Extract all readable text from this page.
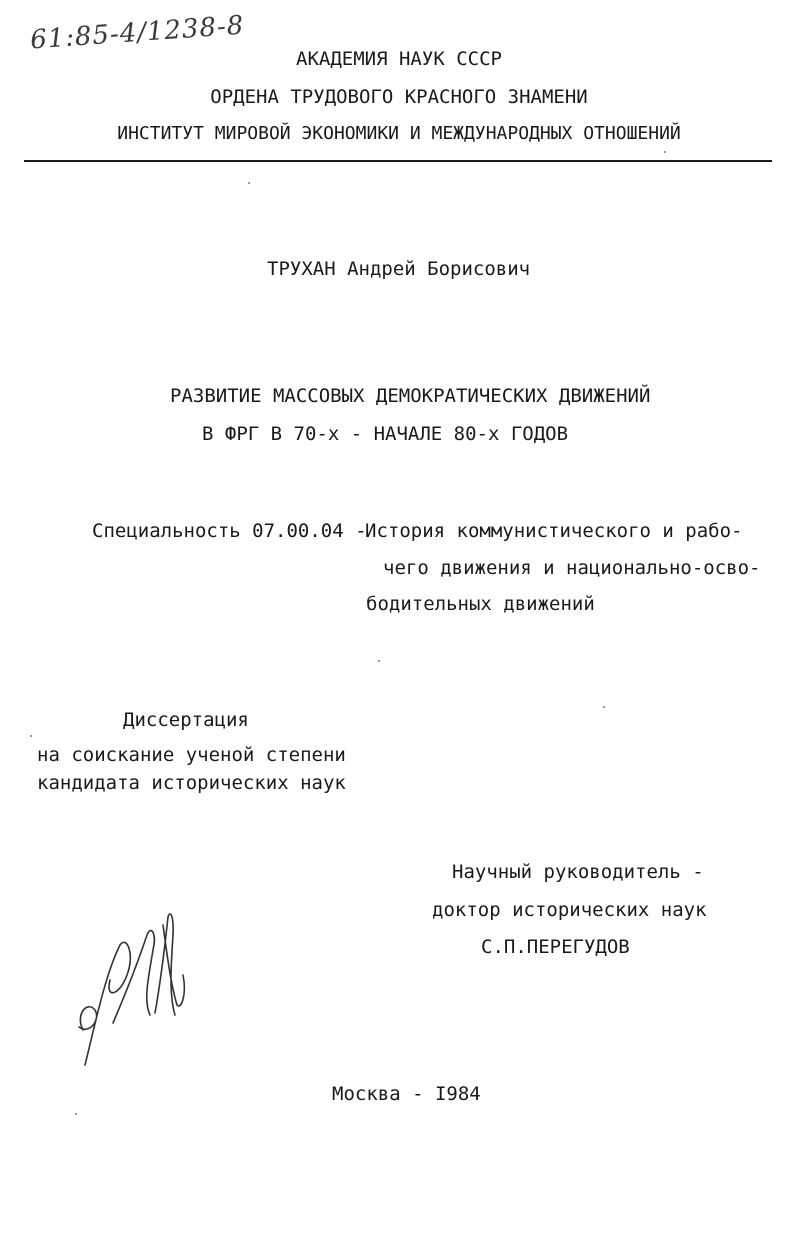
61:85-4/1238-8
АКАДЕМИЯ НАУК СССР
ОРДЕНА ТРУДОВОГО КРАСНОГО ЗНАМЕНИ
ИНСТИТУТ МИРОВОЙ ЭКОНОМИКИ И МЕЖДУНАРОДНЫХ ОТНОШЕНИЙ
ТРУХАН Андрей Борисович
РАЗВИТИЕ МАССОВЫХ ДЕМОКРАТИЧЕСКИХ ДВИЖЕНИЙ
В ФРГ В 70-х - НАЧАЛЕ 80-х ГОДОВ
Специальность 07.00.04 -
История коммунистического и рабо-
чего движения и национально-осво-
бодительных движений
Диссертация
на соискание ученой степени
кандидата исторических наук
Научный руководитель -
доктор исторических наук
С.П.ПЕРЕГУДОВ
Москва - I984
